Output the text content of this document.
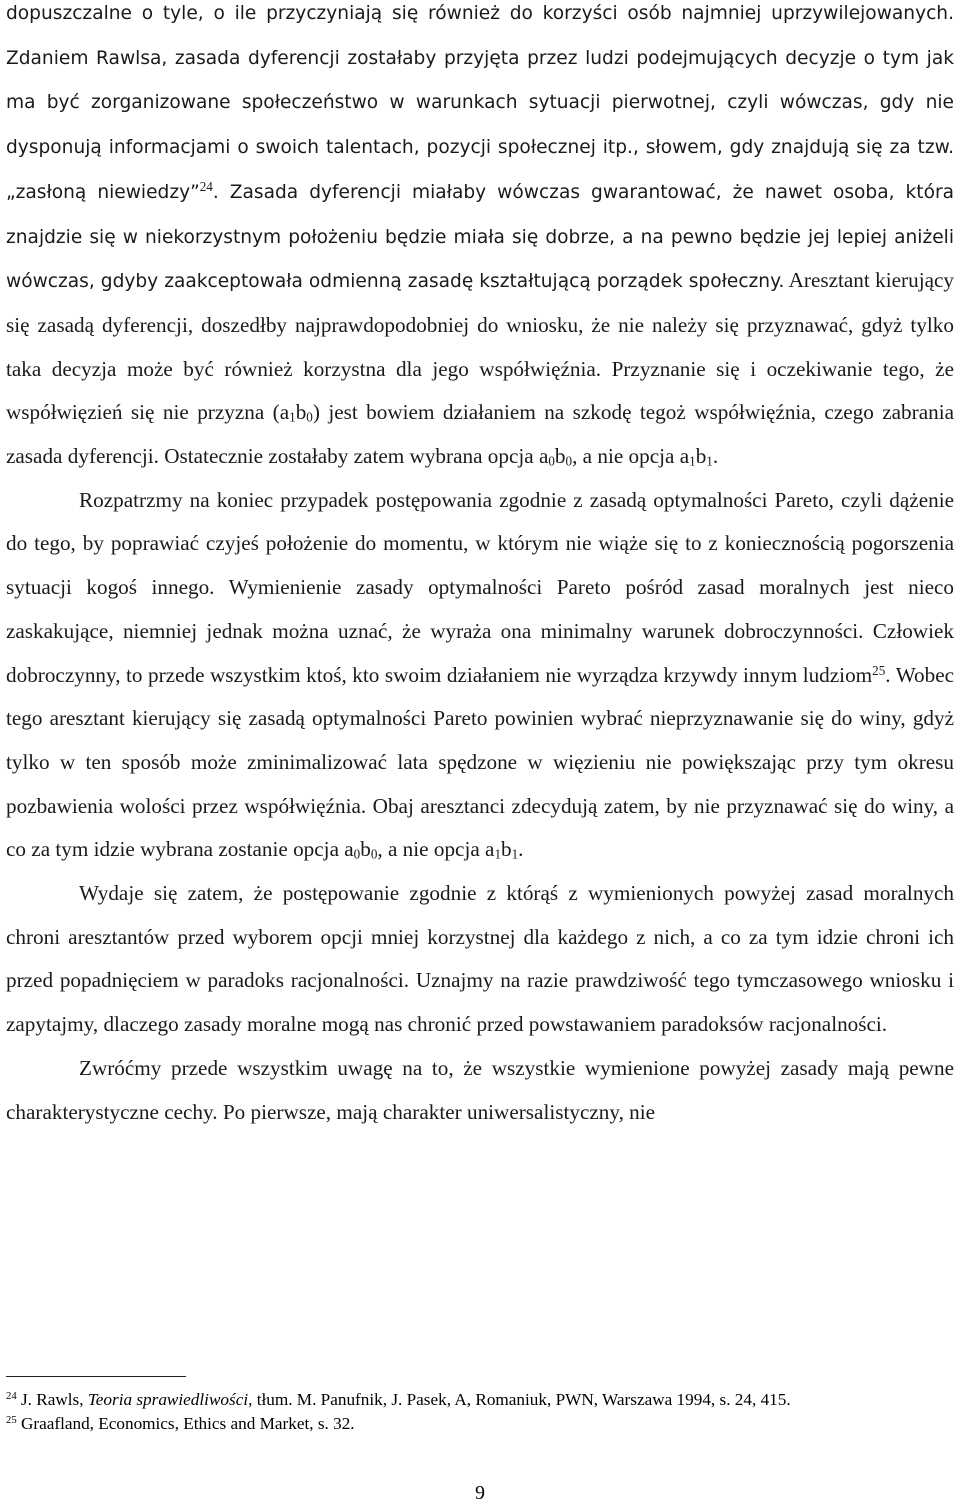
dopuszczalne o tyle, o ile przyczyniają się również do korzyści osób najmniej uprzywilejowanych. Zdaniem Rawlsa, zasada dyferencji zostałaby przyjęta przez ludzi podejmujących decyzje o tym jak ma być zorganizowane społeczeństwo w warunkach sytuacji pierwotnej, czyli wówczas, gdy nie dysponują informacjami o swoich talentach, pozycji społecznej itp., słowem, gdy znajdują się za tzw. „zasłoną niewiedzy”$^{24}$. Zasada dyferencji miałaby wówczas gwarantować, że nawet osoba, która znajdzie się w niekorzystnym położeniu będzie miała się dobrze, a na pewno będzie jej lepiej aniżeli wówczas, gdyby zaakceptowała odmienną zasadę kształtującą porządek społeczny. Aresztant kierujący się zasadą dyferencji, doszedłby najprawdopodobniej do wniosku, że nie należy się przyznawać, gdyż tylko taka decyzja może być również korzystna dla jego współwięźnia. Przyznanie się i oczekiwanie tego, że współwięzień się nie przyzna $(a_1b_0)$ jest bowiem działaniem na szkodę tegoż współwięźnia, czego zabrania zasada dyferencji. Ostatecznie zostałaby zatem wybrana opcja $a_0b_0$, a nie opcja $a_1b_1$.

Rozpatrzmy na koniec przypadek postępowania zgodnie z zasadą optymalności Pareto, czyli dążenie do tego, by poprawiać czyjeś położenie do momentu, w którym nie wiąże się to z koniecznością pogorszenia sytuacji kogoś innego. Wymienienie zasady optymalności Pareto pośród zasad moralnych jest nieco zaskakujące, niemniej jednak można uznać, że wyraża ona minimalny warunek dobroczynności. Człowiek dobroczynny, to przede wszystkim ktoś, kto swoim działaniem nie wyrządza krzywdy innym ludziom$^{25}$. Wobec tego aresztant kierujący się zasadą optymalności Pareto powinien wybrać nieprzyznawanie się do winy, gdyż tylko w ten sposób może zminimalizować lata spędzone w więzieniu nie powiększając przy tym okresu pozbawienia wolości przez współwięźnia. Obaj aresztanci zdecydują zatem, by nie przyznawać się do winy, a co za tym idzie wybrana zostanie opcja $a_0b_0$, a nie opcja $a_1b_1$.

Wydaje się zatem, że postępowanie zgodnie z którąś z wymienionych powyżej zasad moralnych chroni aresztantów przed wyborem opcji mniej korzystnej dla każdego z nich, a co za tym idzie chroni ich przed popadnięciem w paradoks racjonalności. Uznajmy na razie prawdziwość tego tymczasowego wniosku i zapytajmy, dlaczego zasady moralne mogą nas chronić przed powstawaniem paradoksów racjonalności.

Zwróćmy przede wszystkim uwagę na to, że wszystkie wymienione powyżej zasady mają pewne charakterystyczne cechy. Po pierwsze, mają charakter uniwersalistyczny, nie

$^{24}$ J. Rawls, Teoria sprawiedliwości, tłum. M. Panufnik, J. Pasek, A, Romaniuk, PWN, Warszawa 1994, s. 24, 415.

$^{25}$ Graafland, Economics, Ethics and Market, s. 32.

9
